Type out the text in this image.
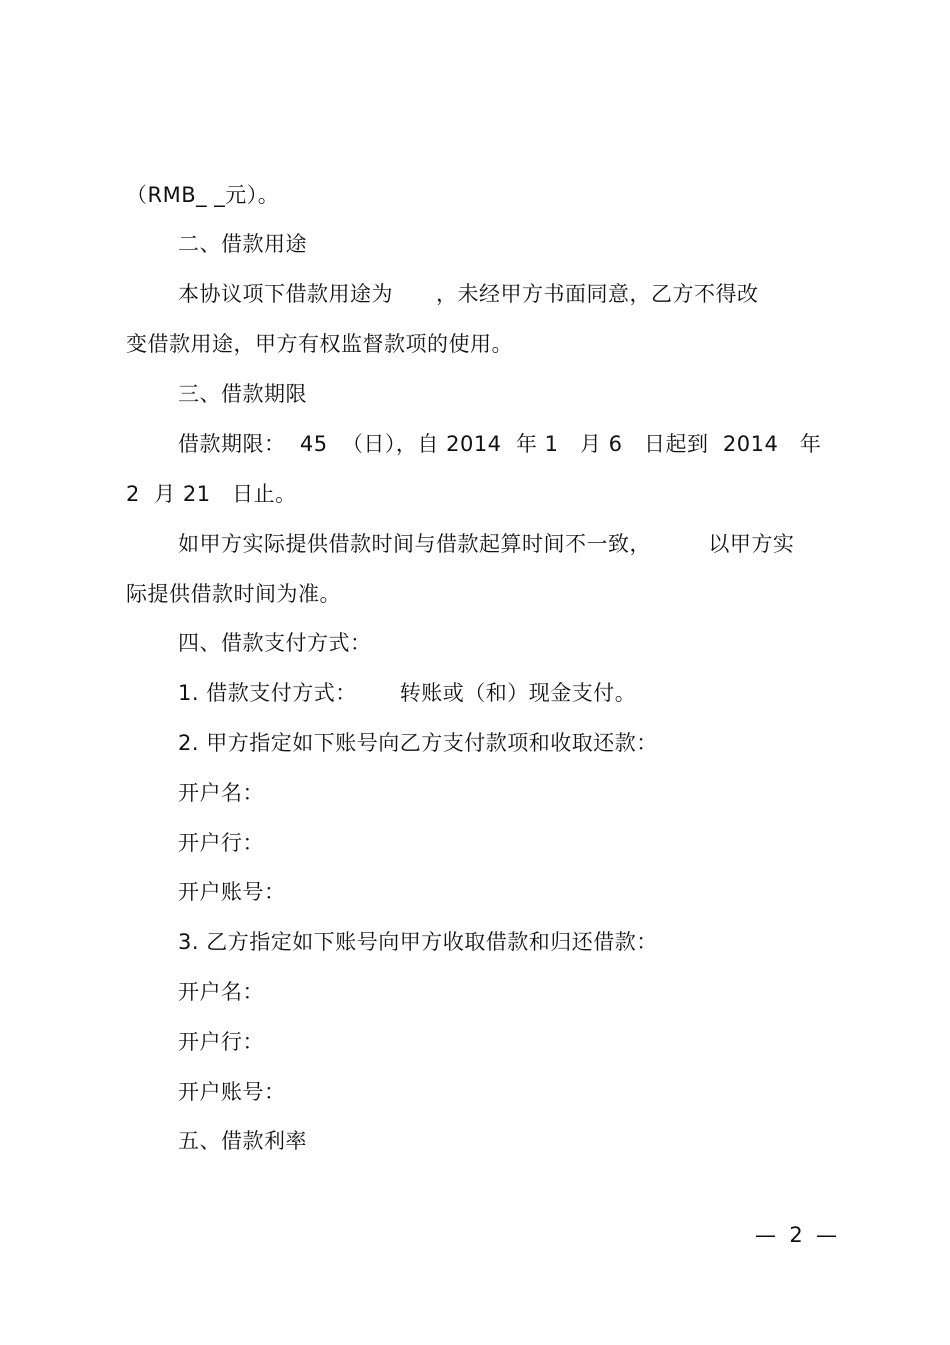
（RMB_ _元）。
二、借款用途
本协议项下借款用途为      ，未经甲方书面同意，乙方不得改
变借款用途，甲方有权监督款项的使用。
三、借款期限
借款期限：  45  （日），自 2014  年 1   月 6   日起到  2014   年
2  月 21   日止。
如甲方实际提供借款时间与借款起算时间不一致，        以甲方实
际提供借款时间为准。
四、借款支付方式：
1. 借款支付方式：      转账或（和）现金支付。
2. 甲方指定如下账号向乙方支付款项和收取还款：
开户名：
开户行：
开户账号：
3. 乙方指定如下账号向甲方收取借款和归还借款：
开户名：
开户行：
开户账号：
五、借款利率
—  2  —
